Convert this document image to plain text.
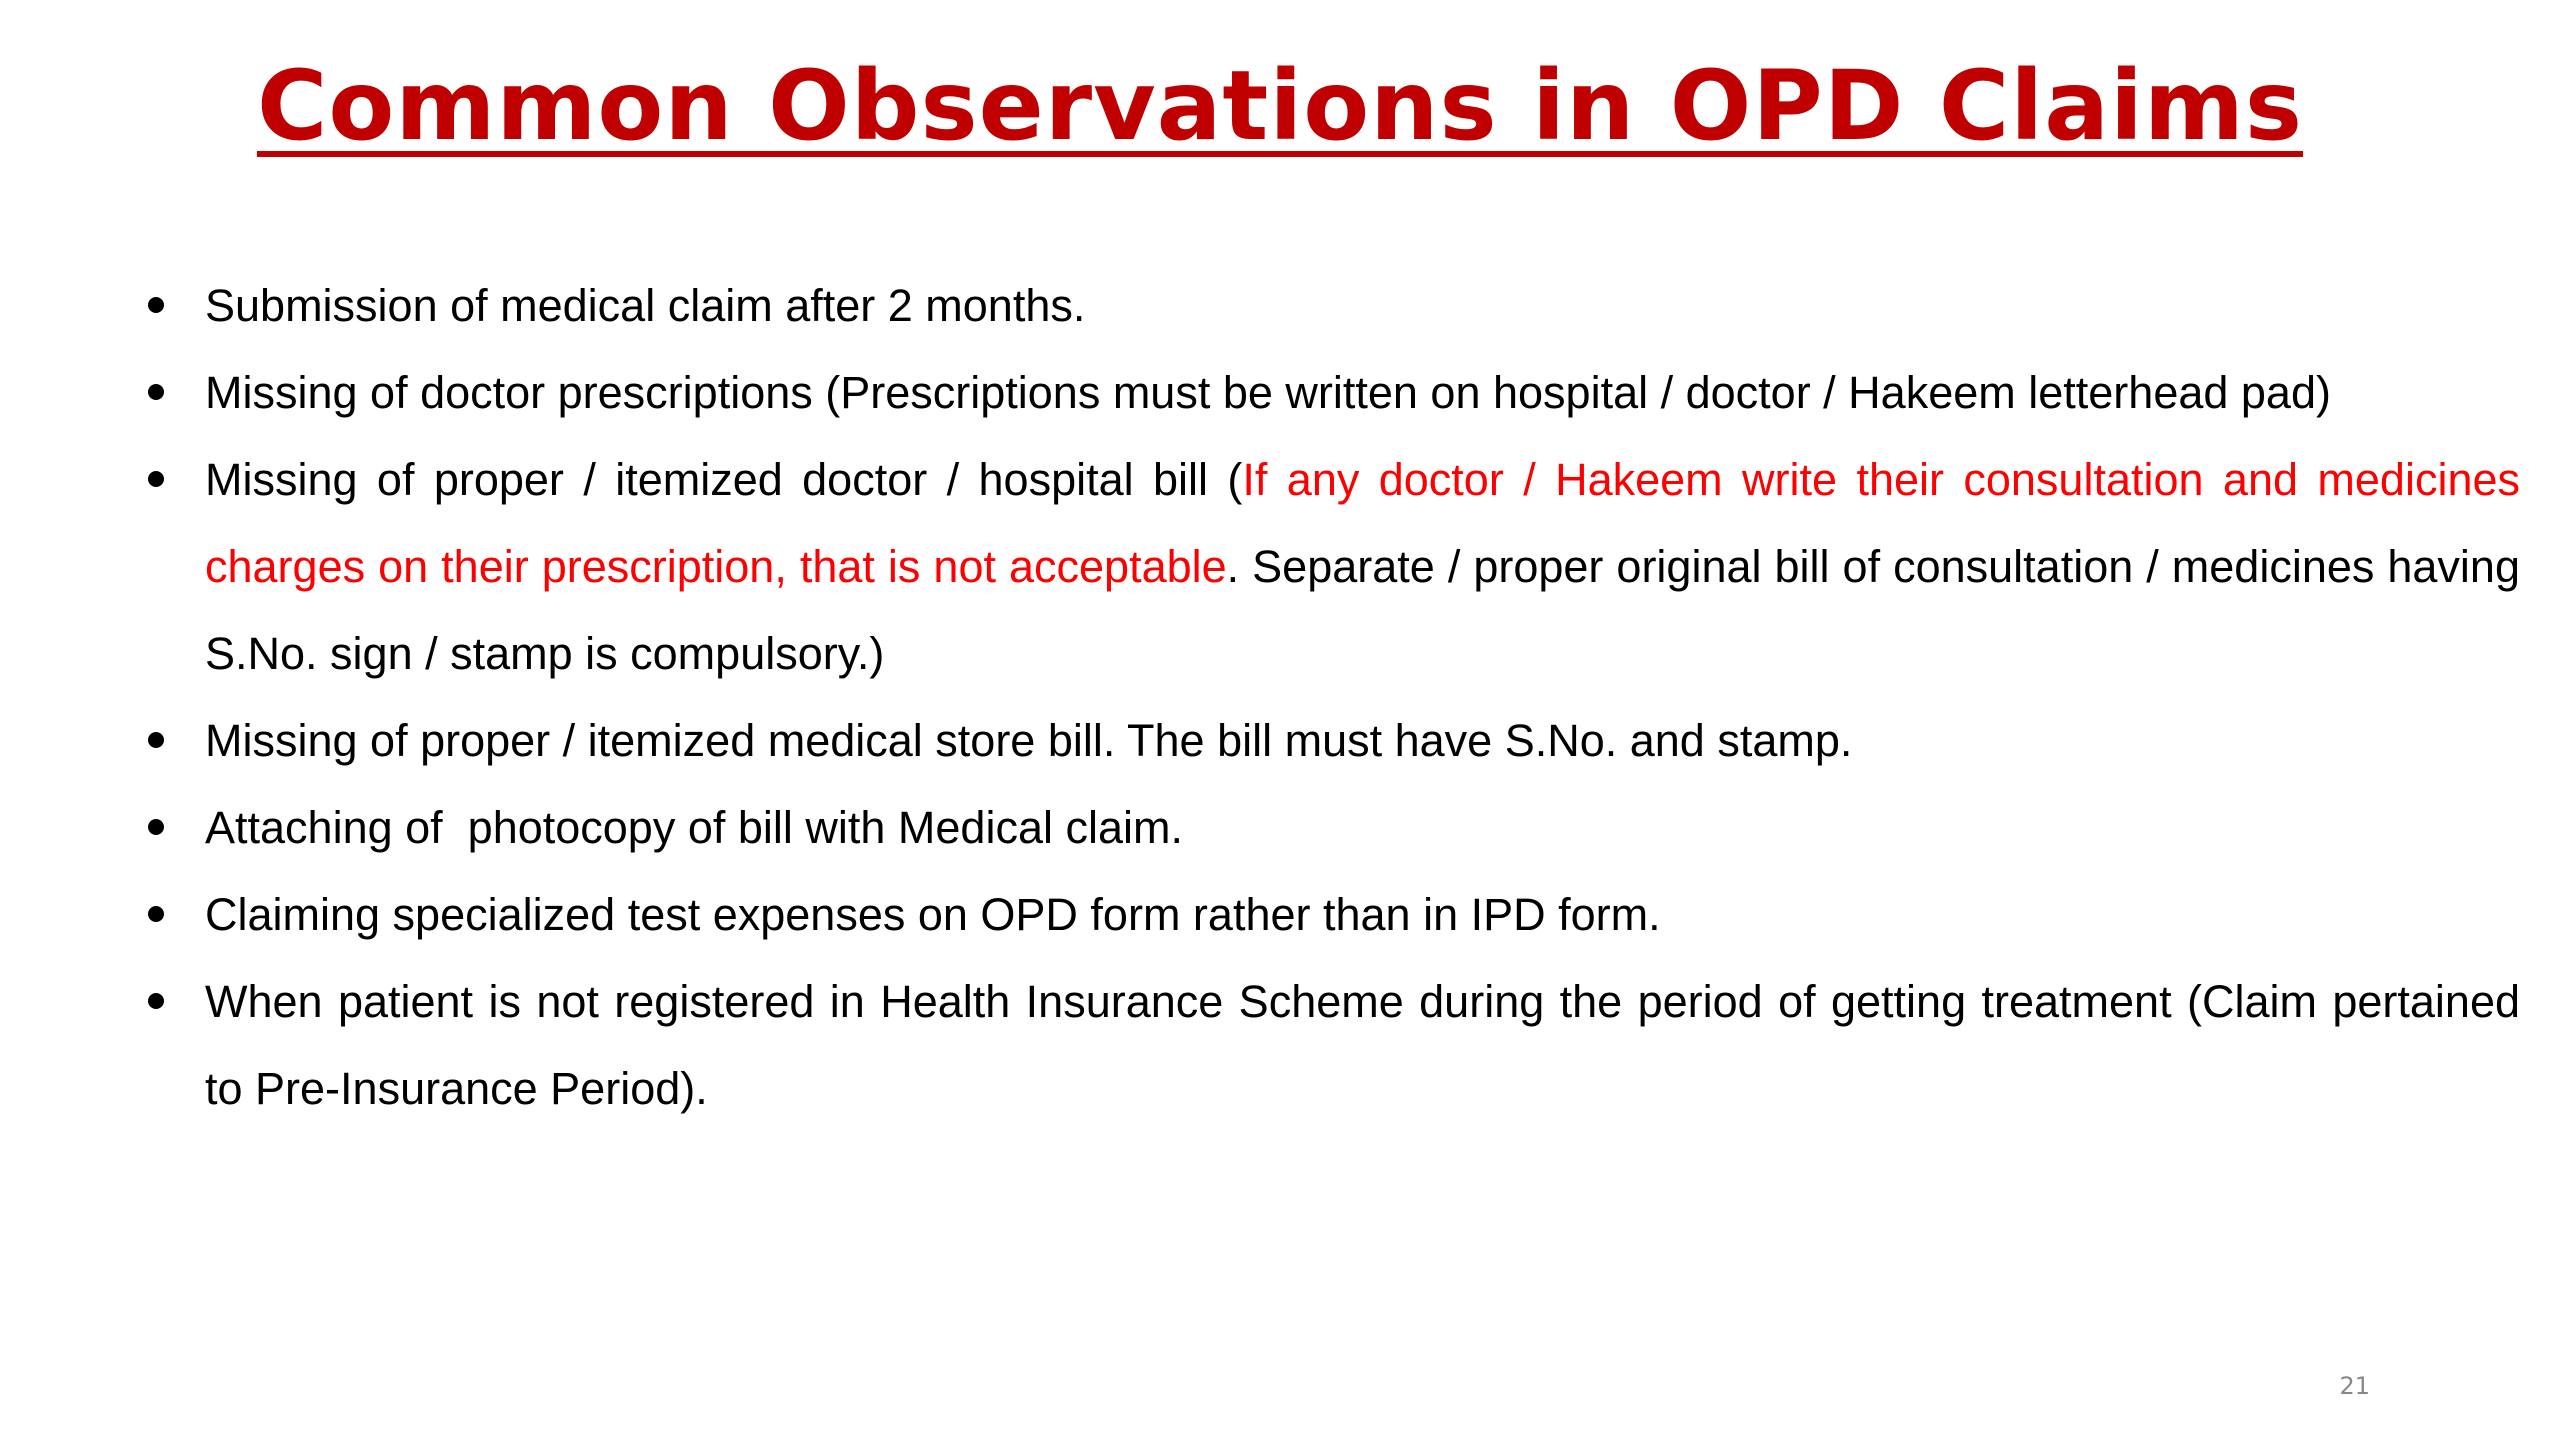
Common Observations in OPD Claims
Submission of medical claim after 2 months.
Missing of doctor prescriptions (Prescriptions must be written on hospital / doctor / Hakeem letterhead pad)
Missing of proper / itemized doctor / hospital bill (If any doctor / Hakeem write their consultation and medicines charges on their prescription, that is not acceptable. Separate / proper original bill of consultation / medicines having S.No. sign / stamp is compulsory.)
Missing of proper / itemized medical store bill. The bill must have S.No. and stamp.
Attaching of  photocopy of bill with Medical claim.
Claiming specialized test expenses on OPD form rather than in IPD form.
When patient is not registered in Health Insurance Scheme during the period of getting treatment (Claim pertained to Pre-Insurance Period).
21
